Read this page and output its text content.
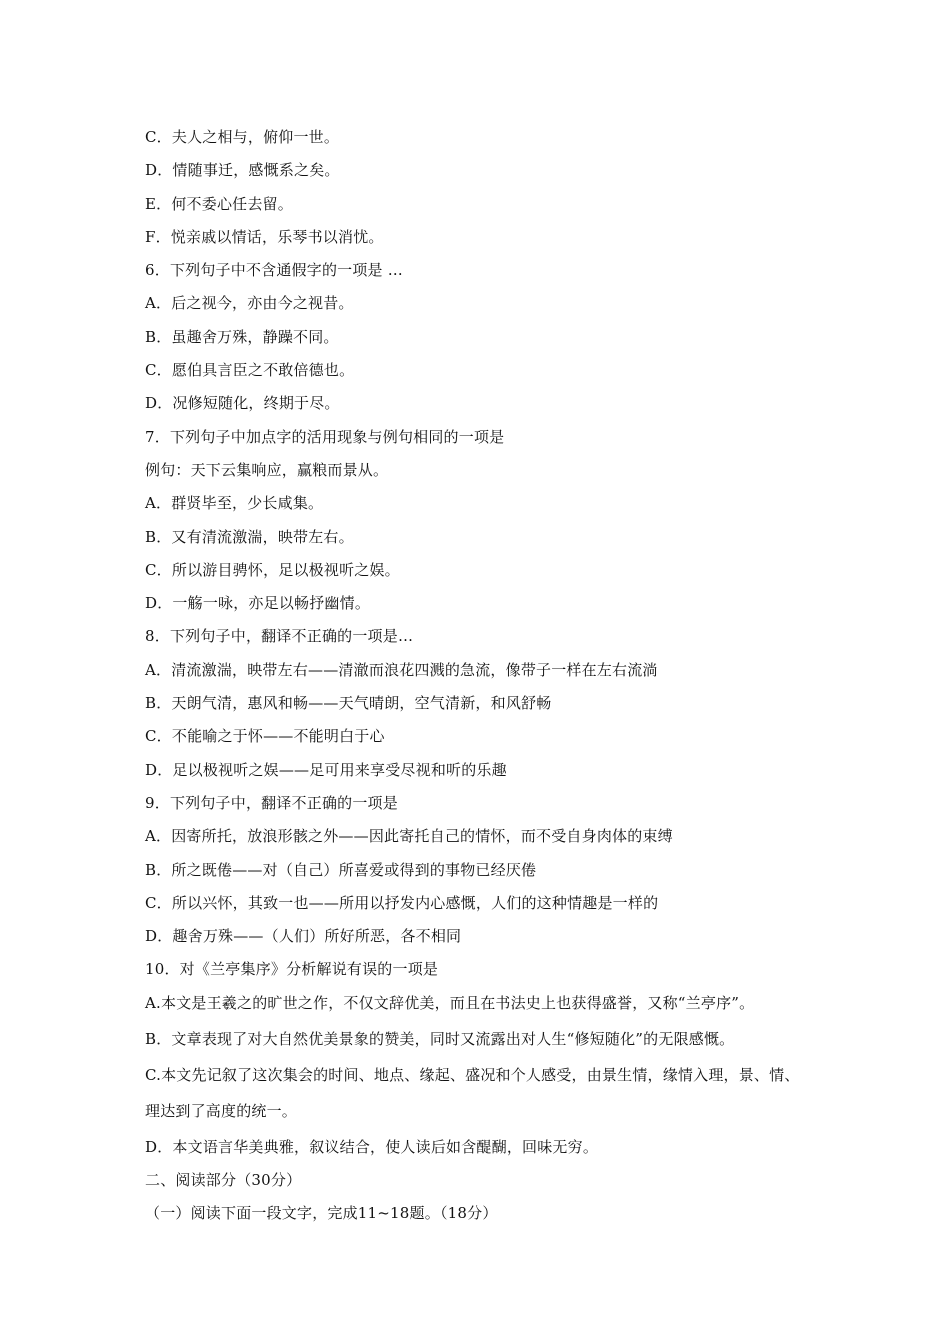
C．夫人之相与，俯仰一世。
D．情随事迁，感慨系之矣。
E．何不委心任去留。
F．悦亲戚以情话，乐琴书以消忧。
6．下列句子中不含通假字的一项是 …
A．后之视今，亦由今之视昔。
B．虽趣舍万殊，静躁不同。
C．愿伯具言臣之不敢倍德也。
D．况修短随化，终期于尽。
7．下列句子中加点字的活用现象与例句相同的一项是
例句：天下云集响应，赢粮而景从。
A．群贤毕至，少长咸集。
B．又有清流激湍，映带左右。
C．所以游目骋怀，足以极视听之娱。
D．一觞一咏，亦足以畅抒幽情。
8．下列句子中，翻译不正确的一项是…
A．清流激湍，映带左右——清澈而浪花四溅的急流，像带子一样在左右流淌
B．天朗气清，惠风和畅——天气晴朗，空气清新，和风舒畅
C．不能喻之于怀——不能明白于心
D．足以极视听之娱——足可用来享受尽视和听的乐趣
9．下列句子中，翻译不正确的一项是
A．因寄所托，放浪形骸之外——因此寄托自己的情怀，而不受自身肉体的束缚
B．所之既倦——对（自己）所喜爱或得到的事物已经厌倦
C．所以兴怀，其致一也——所用以抒发内心感慨，人们的这种情趣是一样的
D．趣舍万殊——（人们）所好所恶，各不相同
10．对《兰亭集序》分析解说有误的一项是
A.本文是王羲之的旷世之作，不仅文辞优美，而且在书法史上也获得盛誉，又称“兰亭序”。
B．文章表现了对大自然优美景象的赞美，同时又流露出对人生“修短随化”的无限感慨。
C.本文先记叙了这次集会的时间、地点、缘起、盛况和个人感受，由景生情，缘情入理，景、情、
理达到了高度的统一。
D．本文语言华美典雅，叙议结合，使人读后如含醍醐，回味无穷。
二、阅读部分（30分）
（一）阅读下面一段文字，完成11~18题。（18分）
